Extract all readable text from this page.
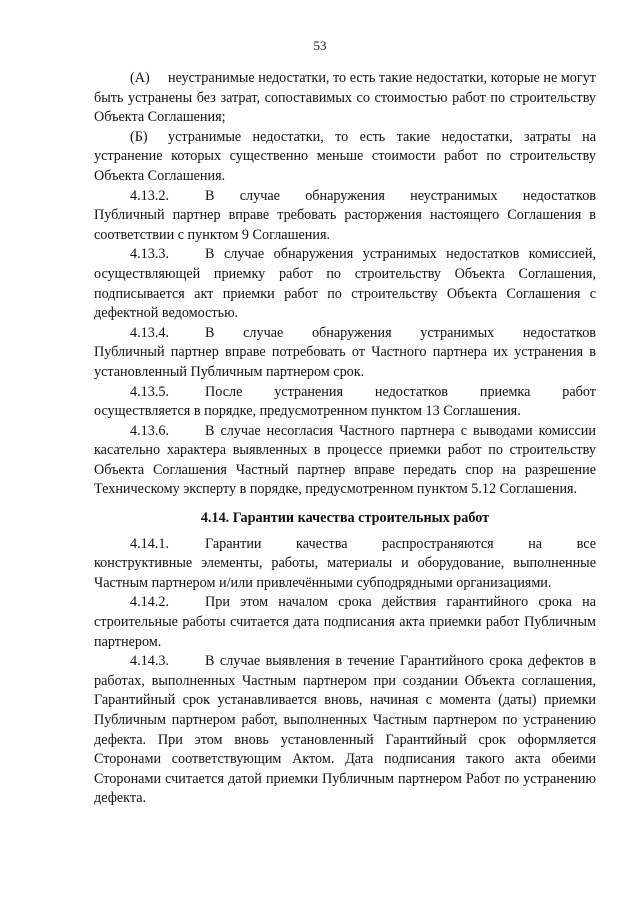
53

(А) неустранимые недостатки, то есть такие недостатки, которые не могут быть устранены без затрат, сопоставимых со стоимостью работ по строительству Объекта Соглашения;

(Б) устранимые недостатки, то есть такие недостатки, затраты на устранение которых существенно меньше стоимости работ по строительству Объекта Соглашения.

4.13.2.	В случае обнаружения неустранимых недостатков

Публичный партнер вправе требовать расторжения настоящего Соглашения в соответствии с пунктом 9 Соглашения.

4.13.3.	В случае обнаружения устранимых недостатков комиссией, осуществляющей приемку работ по строительству Объекта Соглашения, подписывается акт приемки работ по строительству Объекта Соглашения с дефектной ведомостью.

4.13.4.	В случае обнаружения устранимых недостатков

Публичный партнер вправе потребовать от Частного партнера их устранения в установленный Публичным партнером срок.

4.13.5.	После устранения недостатков приемка работ

осуществляется в порядке, предусмотренном пунктом 13 Соглашения.

4.13.6.	В случае несогласия Частного партнера с выводами комиссии касательно характера выявленных в процессе приемки работ по строительству Объекта Соглашения Частный партнер вправе передать спор на разрешение Техническому эксперту в порядке, предусмотренном пунктом 5.12 Соглашения.

4.14. Гарантии качества строительных работ

4.14.1.	Гарантии качества распространяются на все

конструктивные элементы, работы, материалы и оборудование, выполненные Частным партнером и/или привлечёнными субподрядными организациями.

4.14.2.	При этом началом срока действия гарантийного срока на строительные работы считается дата подписания акта приемки работ Публичным партнером.

4.14.3.	В случае выявления в течение Гарантийного срока дефектов в работах, выполненных Частным партнером при создании Объекта соглашения, Гарантийный срок устанавливается вновь, начиная с момента (даты) приемки Публичным партнером работ, выполненных Частным партнером по устранению дефекта. При этом вновь установленный Гарантийный срок оформляется Сторонами соответствующим Актом. Дата подписания такого акта обеими Сторонами считается датой приемки Публичным партнером Работ по устранению дефекта.
